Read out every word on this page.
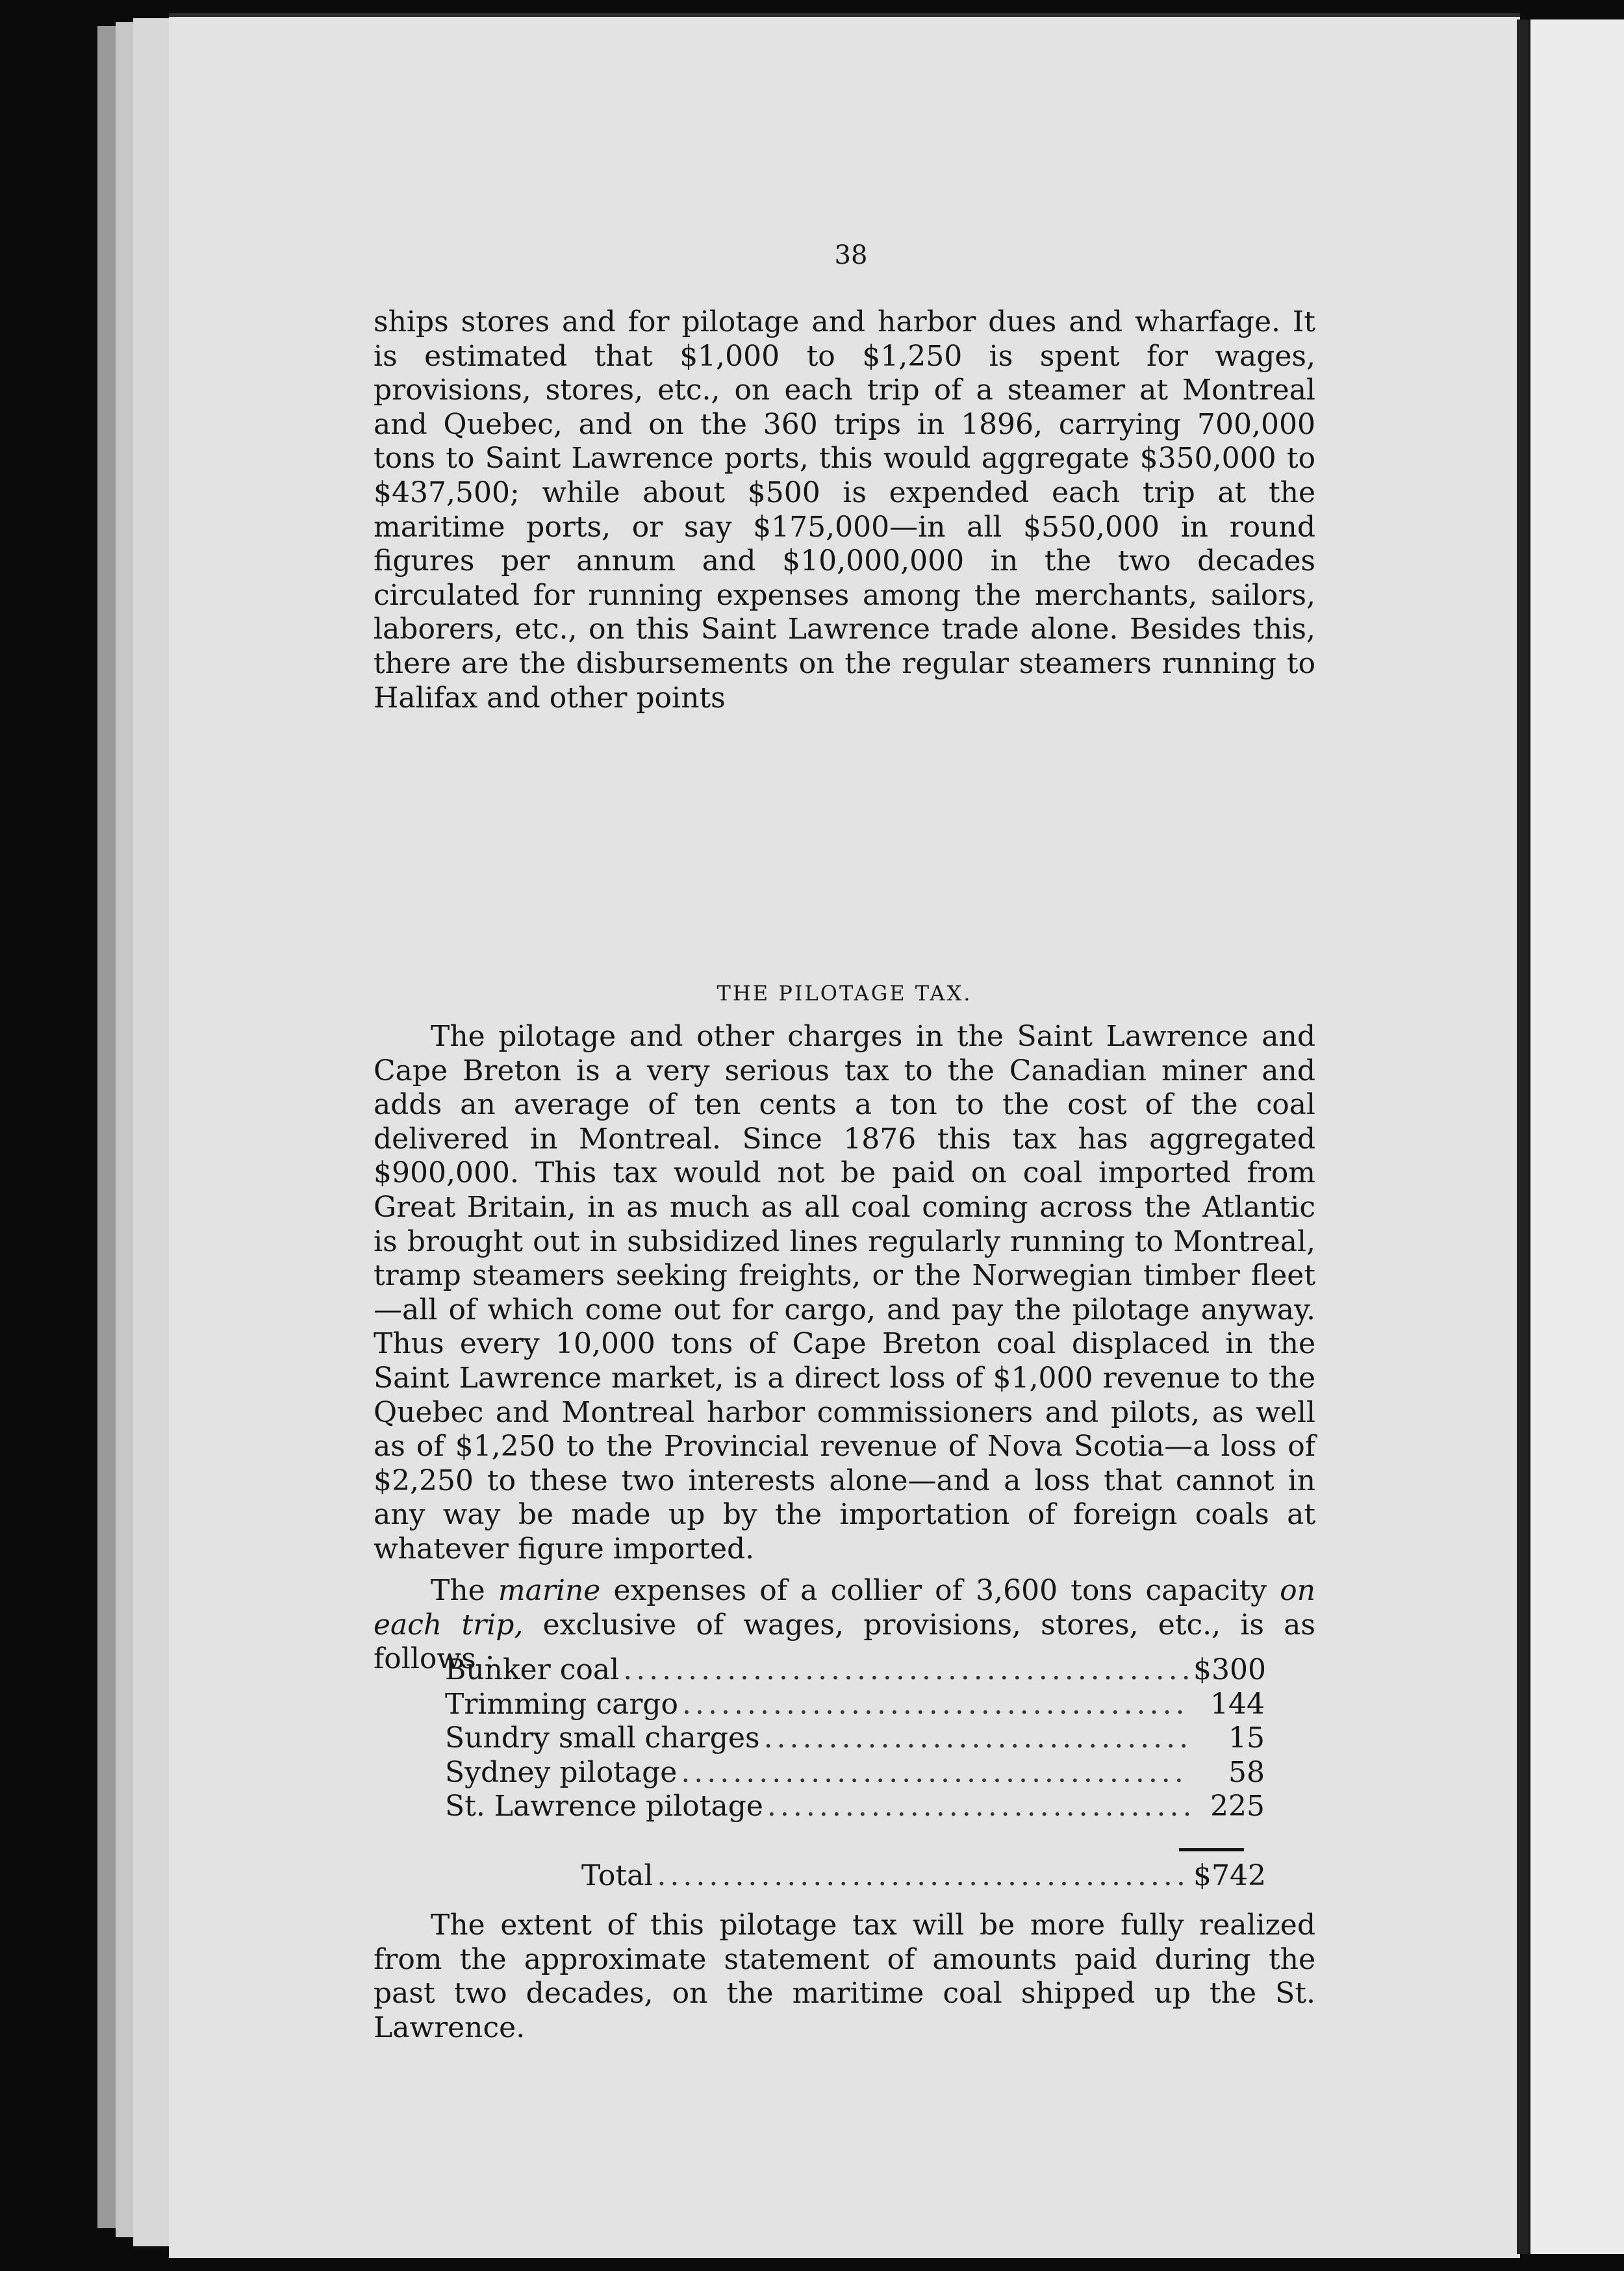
38

ships stores and for pilotage and harbor dues and wharfage. It is estimated that $1,000 to $1,250 is spent for wages, provisions, stores, etc., on each trip of a steamer at Montreal and Quebec, and on the 360 trips in 1896, carrying 700,000 tons to Saint Lawrence ports, this would aggregate $350,000 to $437,500; while about $500 is expended each trip at the maritime ports, or say $175,000—in all $550,000 in round figures per annum and $10,000,000 in the two decades circulated for running expenses among the merchants, sailors, laborers, etc., on this Saint Lawrence trade alone. Besides this, there are the disbursements on the regular steamers running to Halifax and other points

THE PILOTAGE TAX.

The pilotage and other charges in the Saint Lawrence and Cape Breton is a very serious tax to the Canadian miner and adds an average of ten cents a ton to the cost of the coal delivered in Montreal. Since 1876 this tax has aggregated $900,000. This tax would not be paid on coal imported from Great Britain, in as much as all coal coming across the Atlantic is brought out in subsidized lines regularly running to Montreal, tramp steamers seeking freights, or the Norwegian timber fleet—all of which come out for cargo, and pay the pilotage anyway. Thus every 10,000 tons of Cape Breton coal displaced in the Saint Lawrence market, is a direct loss of $1,000 revenue to the Quebec and Montreal harbor commissioners and pilots, as well as of $1,250 to the Provincial revenue of Nova Scotia—a loss of $2,250 to these two interests alone—and a loss that cannot in any way be made up by the importation of foreign coals at whatever figure imported.

The marine expenses of a collier of 3,600 tons capacity on each trip, exclusive of wages, provisions, stores, etc., is as follows :

Bunker coal .....	$300
Trimming cargo .....	144
Sundry small charges .....	15
Sydney pilotage .....	58
St. Lawrence pilotage .....	225
Total .....	$742

The extent of this pilotage tax will be more fully realized from the approximate statement of amounts paid during the past two decades, on the maritime coal shipped up the St. Lawrence.
